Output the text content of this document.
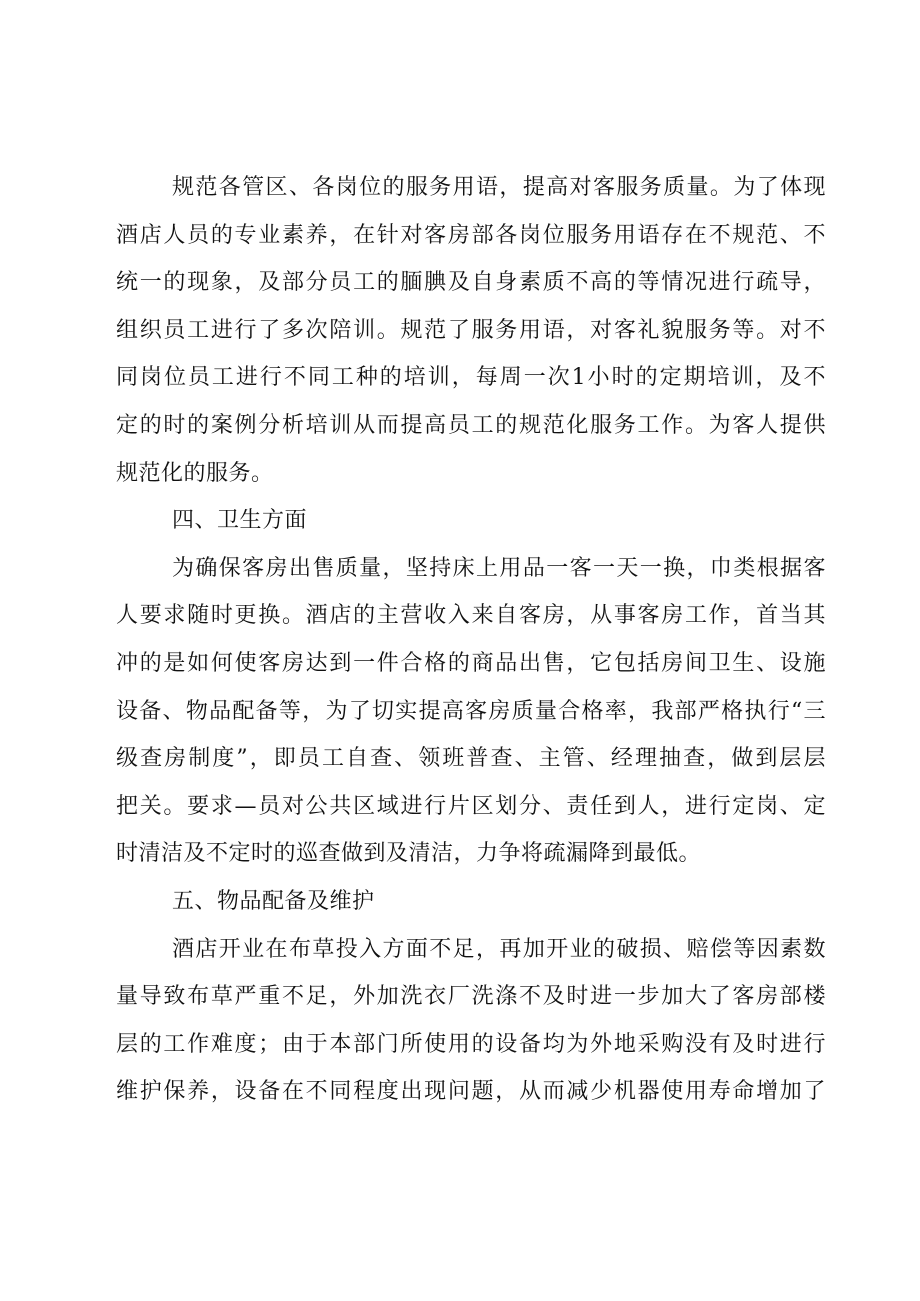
规范各管区、各岗位的服务用语，提高对客服务质量。为了体现
酒店人员的专业素养，在针对客房部各岗位服务用语存在不规范、不
统一的现象，及部分员工的腼腆及自身素质不高的等情况进行疏导，
组织员工进行了多次陪训。规范了服务用语，对客礼貌服务等。对不
同岗位员工进行不同工种的培训，每周一次1小时的定期培训，及不
定的时的案例分析培训从而提高员工的规范化服务工作。为客人提供
规范化的服务。
四、卫生方面
为确保客房出售质量，坚持床上用品一客一天一换，巾类根据客
人要求随时更换。酒店的主营收入来自客房，从事客房工作，首当其
冲的是如何使客房达到一件合格的商品出售，它包括房间卫生、设施
设备、物品配备等，为了切实提高客房质量合格率，我部严格执行“三
级查房制度”，即员工自查、领班普查、主管、经理抽查，做到层层
把关。要求—员对公共区域进行片区划分、责任到人，进行定岗、定
时清洁及不定时的巡查做到及清洁，力争将疏漏降到最低。
五、物品配备及维护
酒店开业在布草投入方面不足，再加开业的破损、赔偿等因素数
量导致布草严重不足，外加洗衣厂洗涤不及时进一步加大了客房部楼
层的工作难度；由于本部门所使用的设备均为外地采购没有及时进行
维护保养，设备在不同程度出现问题，从而减少机器使用寿命增加了
